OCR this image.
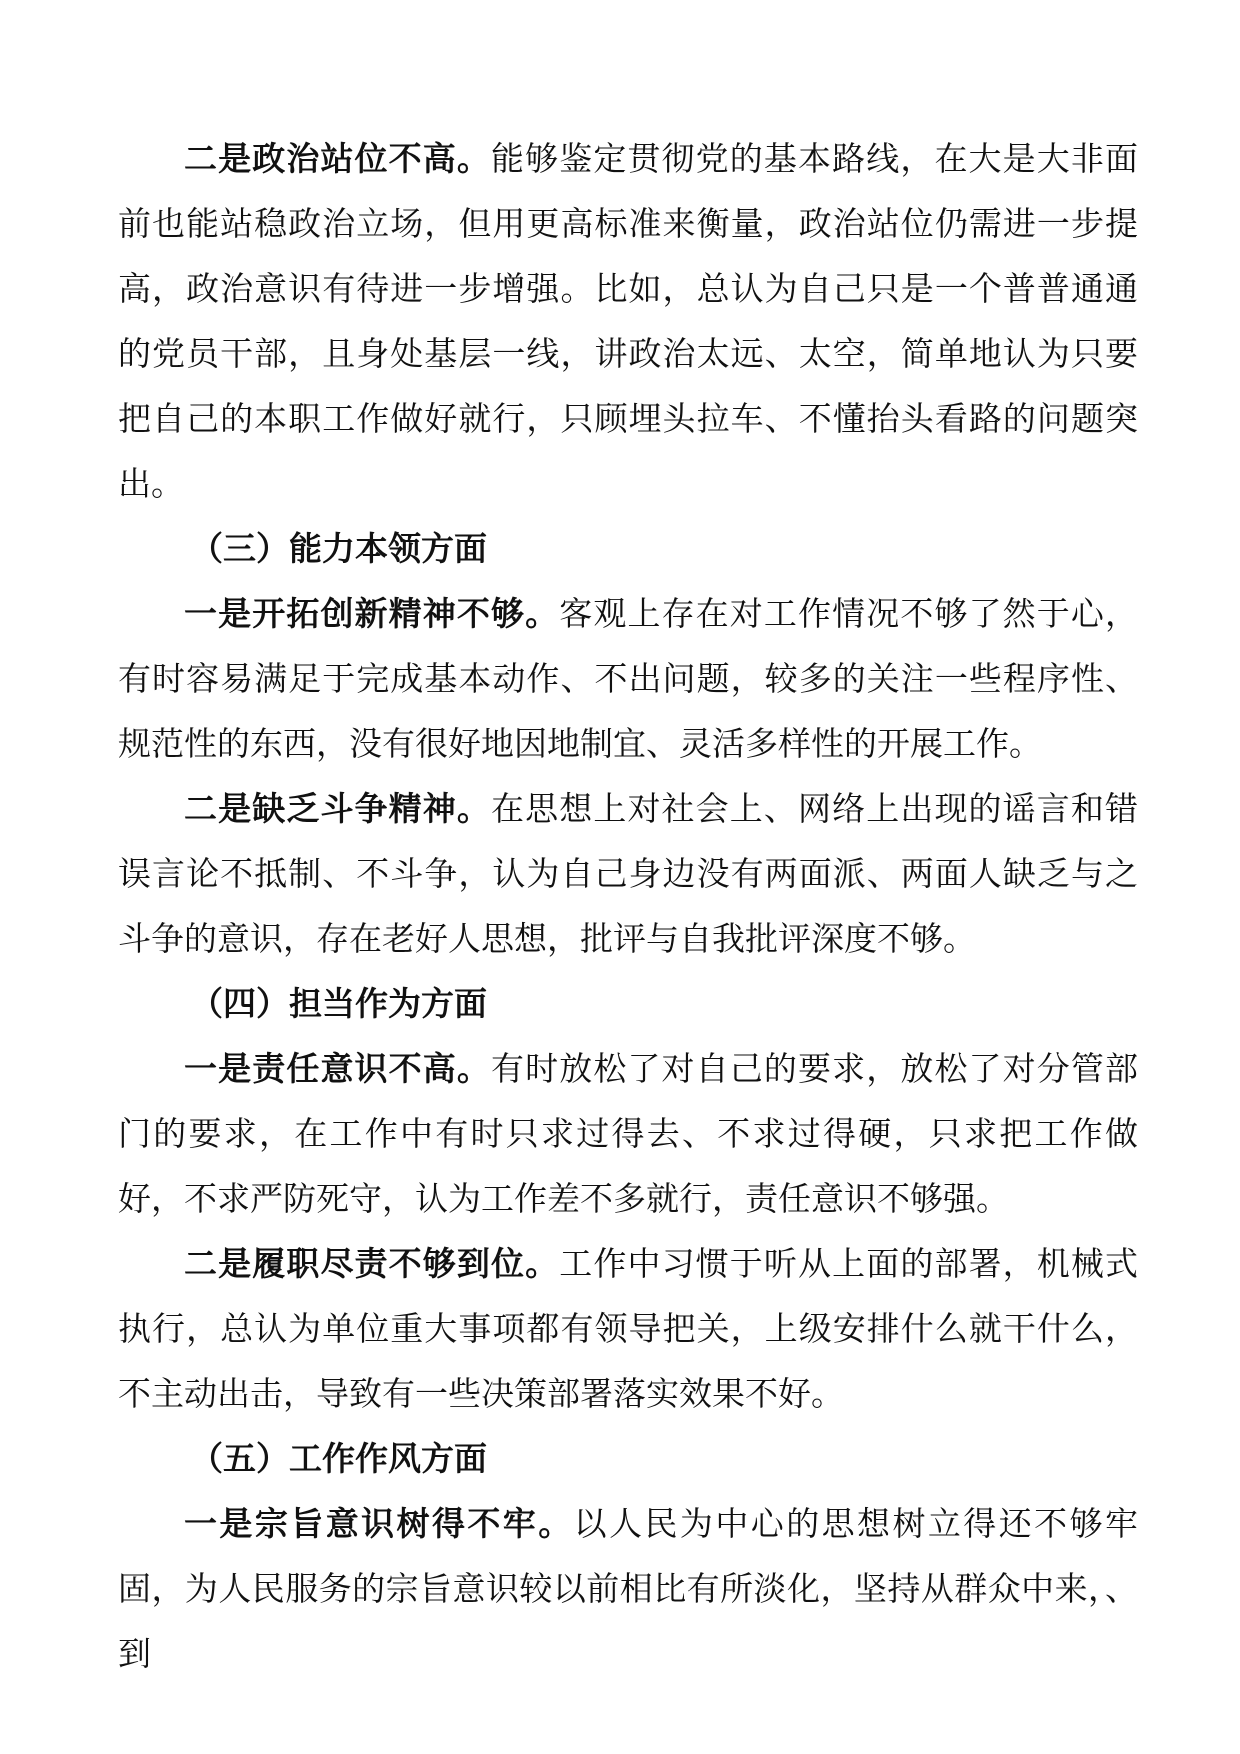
二是政治站位不高。能够鉴定贯彻党的基本路线，在大是大非面前也能站稳政治立场，但用更高标准来衡量，政治站位仍需进一步提高，政治意识有待进一步增强。比如，总认为自己只是一个普普通通的党员干部，且身处基层一线，讲政治太远、太空，简单地认为只要把自己的本职工作做好就行，只顾埋头拉车、不懂抬头看路的问题突出。

（三）能力本领方面

一是开拓创新精神不够。客观上存在对工作情况不够了然于心，有时容易满足于完成基本动作、不出问题，较多的关注一些程序性、规范性的东西，没有很好地因地制宜、灵活多样性的开展工作。

二是缺乏斗争精神。在思想上对社会上、网络上出现的谣言和错误言论不抵制、不斗争，认为自己身边没有两面派、两面人缺乏与之斗争的意识，存在老好人思想，批评与自我批评深度不够。

（四）担当作为方面

一是责任意识不高。有时放松了对自己的要求，放松了对分管部门的要求，在工作中有时只求过得去、不求过得硬，只求把工作做好，不求严防死守，认为工作差不多就行，责任意识不够强。

二是履职尽责不够到位。工作中习惯于听从上面的部署，机械式执行，总认为单位重大事项都有领导把关，上级安排什么就干什么，不主动出击，导致有一些决策部署落实效果不好。

（五）工作作风方面

一是宗旨意识树得不牢。以人民为中心的思想树立得还不够牢固，为人民服务的宗旨意识较以前相比有所淡化，坚持从群众中来，、到
